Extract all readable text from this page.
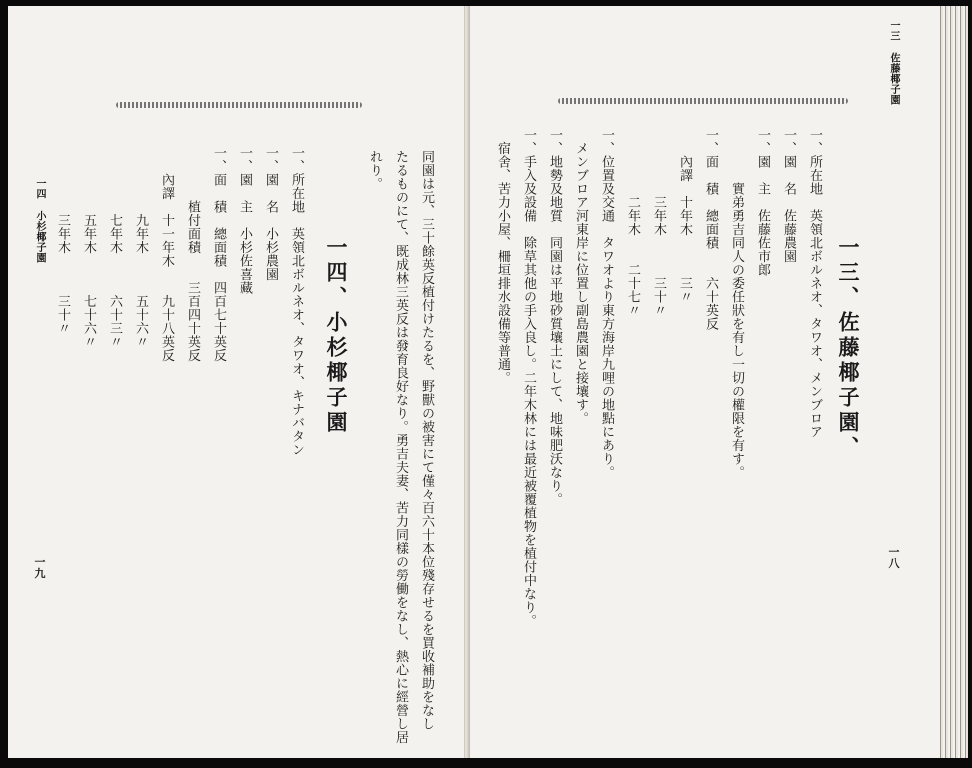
一三 佐藤椰子園
一八
一三、佐藤椰子園、
一、所在地　英領北ボルネオ、タワオ、メンブロア
一、園　名　佐藤農園
一、園　主　佐藤佐市郎
　　　　實弟勇吉同人の委任狀を有し一切の權限を有す。
一、面　積　總面積　　六十英反
　　內譯　十年木　　　三〃
　　　　　三年木　　　三十〃
　　　　　二年木　　二十七〃
一、位置及交通　タワオより東方海岸九哩の地點にあり。
　メンブロア河東岸に位置し副島農園と接壤す。
一、地勢及地質　同園は平地砂質壤土にして、地味肥沃なり。
一、手入及設備　除草其他の手入良し。二年木林には最近被覆植物を植付中なり。
　宿舍、苦力小屋、柵垣排水設備等普通。
同園は元、三十餘英反植付けたるを、野獸の被害にて僅々百六十本位殘存せるを買收補助をなし
たるものにて、既成林三英反は發育良好なり。勇吉夫妻、苦力同樣の勞働をなし、熱心に經營し居
れり。
一四、小杉椰子園
一、所在地　英領北ボルネオ、タワオ、キナバタン
一、園　名　小杉農園
一、園　主　小杉佐喜藏
一、面　積　總面積　四百七十英反
　　　　植付面積　　三百四十英反
　　內譯　十一年木　　九十八英反
　　　　　九年木　　　五十六〃
　　　　　七年木　　　六十三〃
　　　　　五年木　　　七十六〃
　　　　　三年木　　　三十〃
一四 小杉椰子園
一九
